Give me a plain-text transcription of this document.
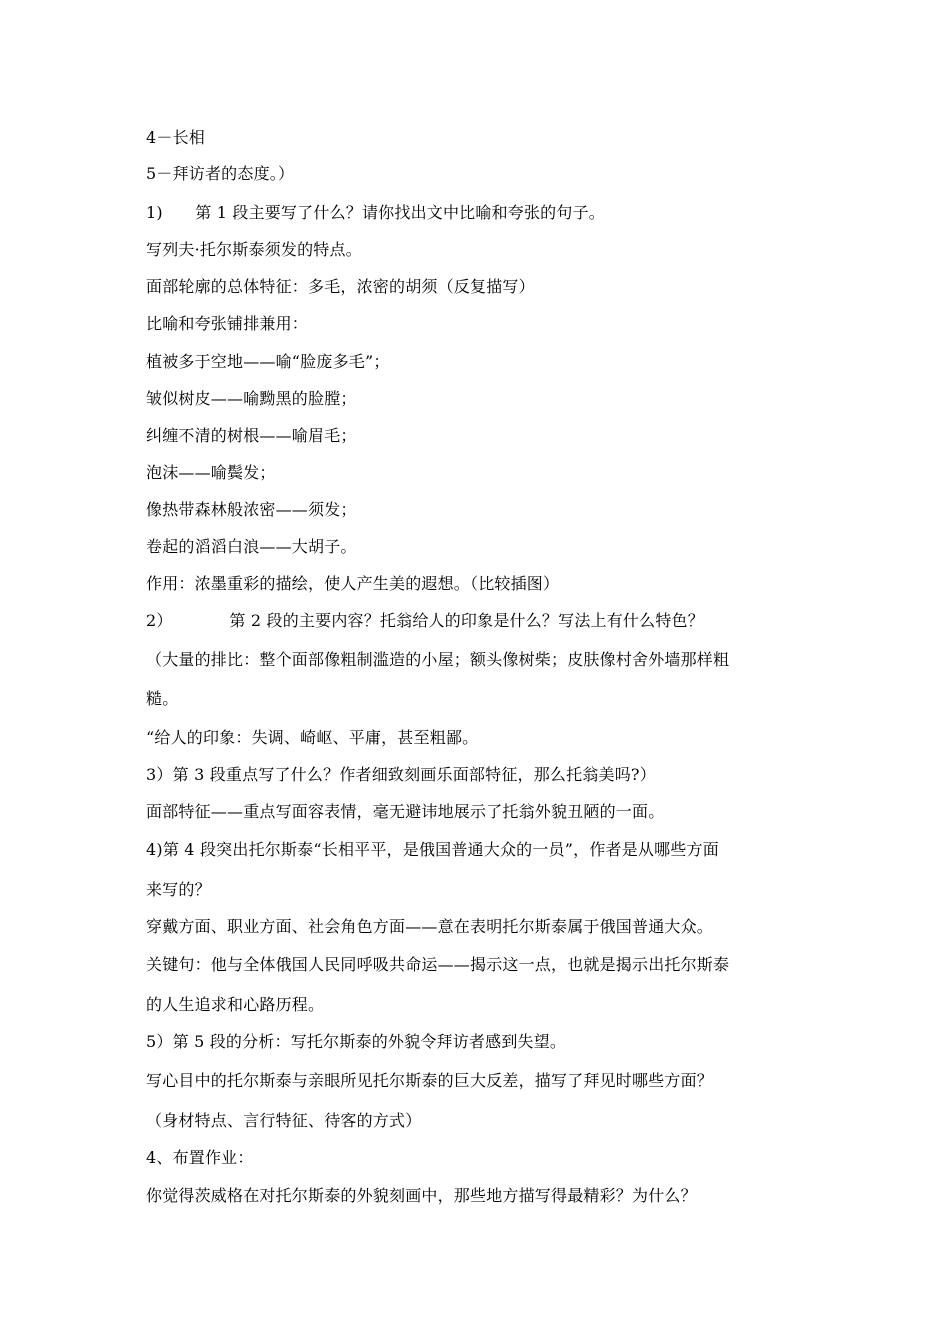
4－长相
5－拜访者的态度。）
1)　　第 1 段主要写了什么？请你找出文中比喻和夸张的句子。
写列夫·托尔斯泰须发的特点。
面部轮廓的总体特征：多毛，浓密的胡须（反复描写）
比喻和夸张铺排兼用：
植被多于空地——喻“脸庞多毛”；
皱似树皮——喻黝黑的脸膛；
纠缠不清的树根——喻眉毛；
泡沫——喻鬓发；
像热带森林般浓密——须发；
卷起的滔滔白浪——大胡子。
作用：浓墨重彩的描绘，使人产生美的遐想。（比较插图）
2）　　　　第 2 段的主要内容？托翁给人的印象是什么？写法上有什么特色？
（大量的排比：整个面部像粗制滥造的小屋；额头像树柴；皮肤像村舍外墙那样粗
糙。
“给人的印象：失调、崎岖、平庸，甚至粗鄙。
3）第 3 段重点写了什么？作者细致刻画乐面部特征，那么托翁美吗?）
面部特征——重点写面容表情，毫无避讳地展示了托翁外貌丑陋的一面。
4)第 4 段突出托尔斯泰“长相平平，是俄国普通大众的一员”，作者是从哪些方面
来写的？
穿戴方面、职业方面、社会角色方面——意在表明托尔斯泰属于俄国普通大众。
关键句：他与全体俄国人民同呼吸共命运——揭示这一点，也就是揭示出托尔斯泰
的人生追求和心路历程。
5）第 5 段的分析：写托尔斯泰的外貌令拜访者感到失望。
写心目中的托尔斯泰与亲眼所见托尔斯泰的巨大反差，描写了拜见时哪些方面？
（身材特点、言行特征、待客的方式）
4、布置作业：
你觉得茨威格在对托尔斯泰的外貌刻画中，那些地方描写得最精彩？为什么？
